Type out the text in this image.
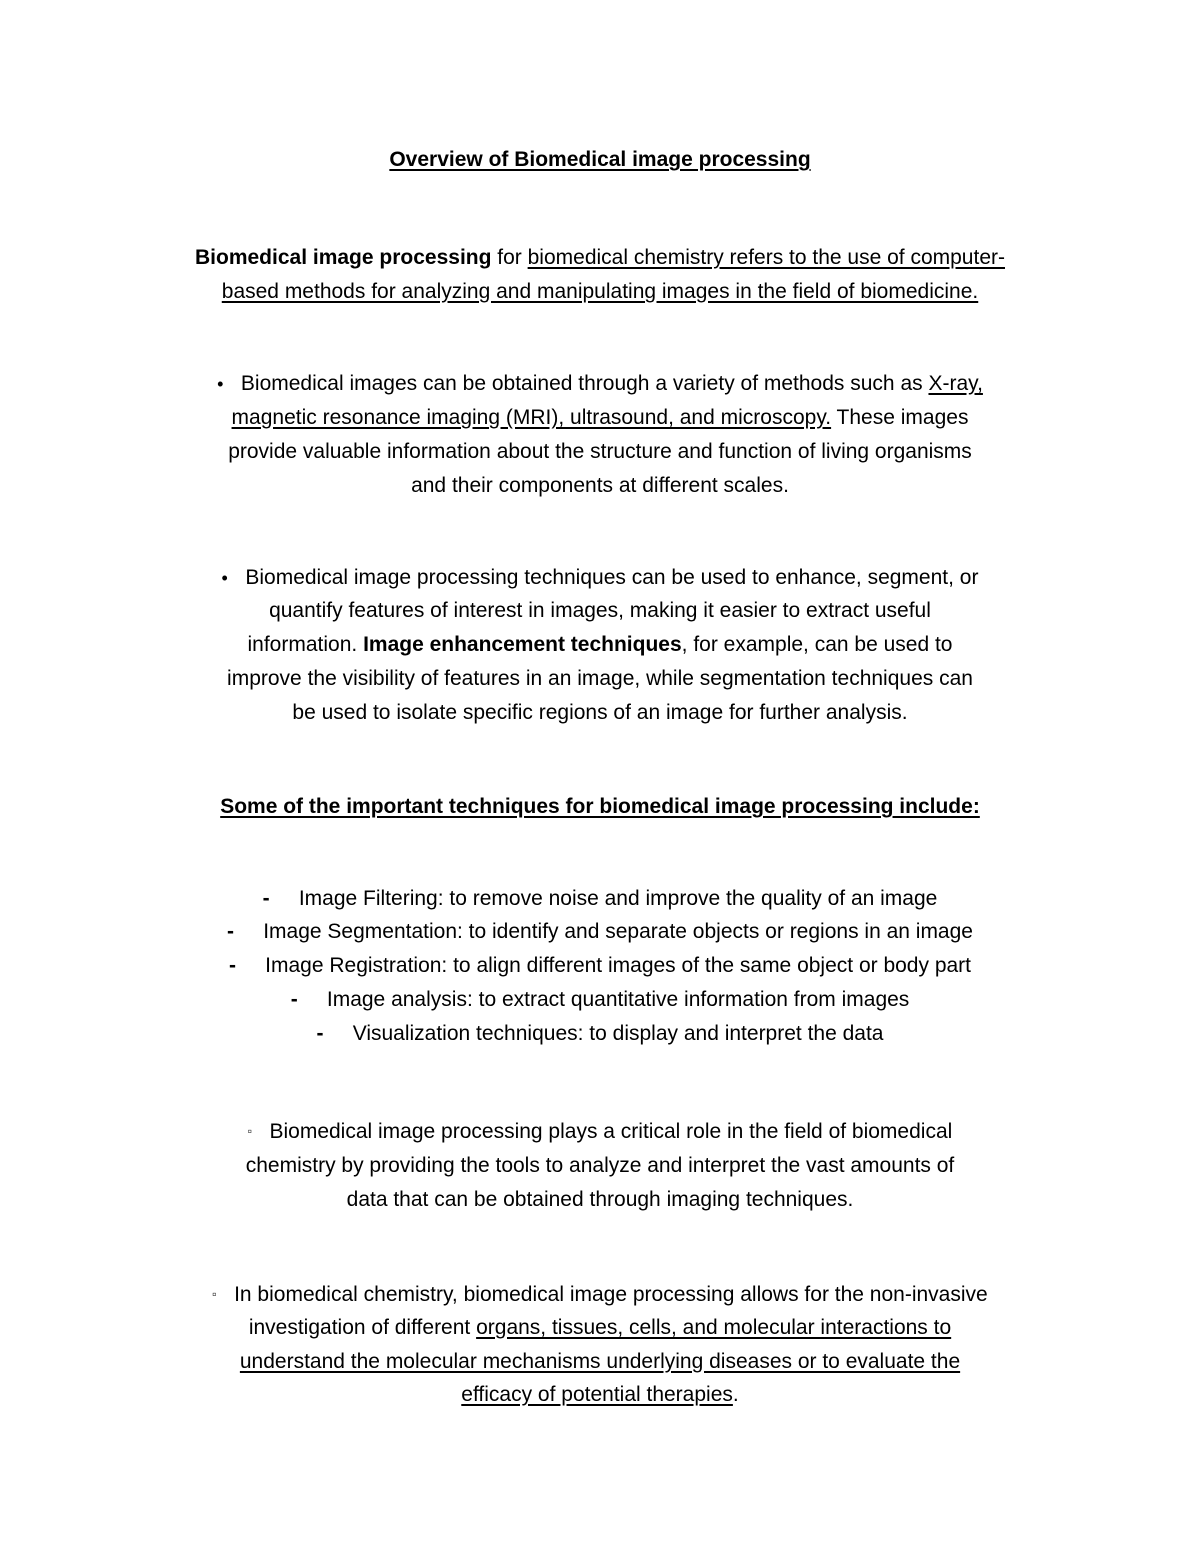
Overview of Biomedical image processing
Biomedical image processing for biomedical chemistry refers to the use of computer-
based methods for analyzing and manipulating images in the field of biomedicine.
• Biomedical images can be obtained through a variety of methods such as X-ray,
magnetic resonance imaging (MRI), ultrasound, and microscopy. These images
provide valuable information about the structure and function of living organisms
and their components at different scales.
• Biomedical image processing techniques can be used to enhance, segment, or
quantify features of interest in images, making it easier to extract useful
information. Image enhancement techniques, for example, can be used to
improve the visibility of features in an image, while segmentation techniques can
be used to isolate specific regions of an image for further analysis.
Some of the important techniques for biomedical image processing include:
- Image Filtering: to remove noise and improve the quality of an image
- Image Segmentation: to identify and separate objects or regions in an image
- Image Registration: to align different images of the same object or body part
- Image analysis: to extract quantitative information from images
- Visualization techniques: to display and interpret the data
▫ Biomedical image processing plays a critical role in the field of biomedical
chemistry by providing the tools to analyze and interpret the vast amounts of
data that can be obtained through imaging techniques.
▫ In biomedical chemistry, biomedical image processing allows for the non-invasive
investigation of different organs, tissues, cells, and molecular interactions to
understand the molecular mechanisms underlying diseases or to evaluate the
efficacy of potential therapies.
